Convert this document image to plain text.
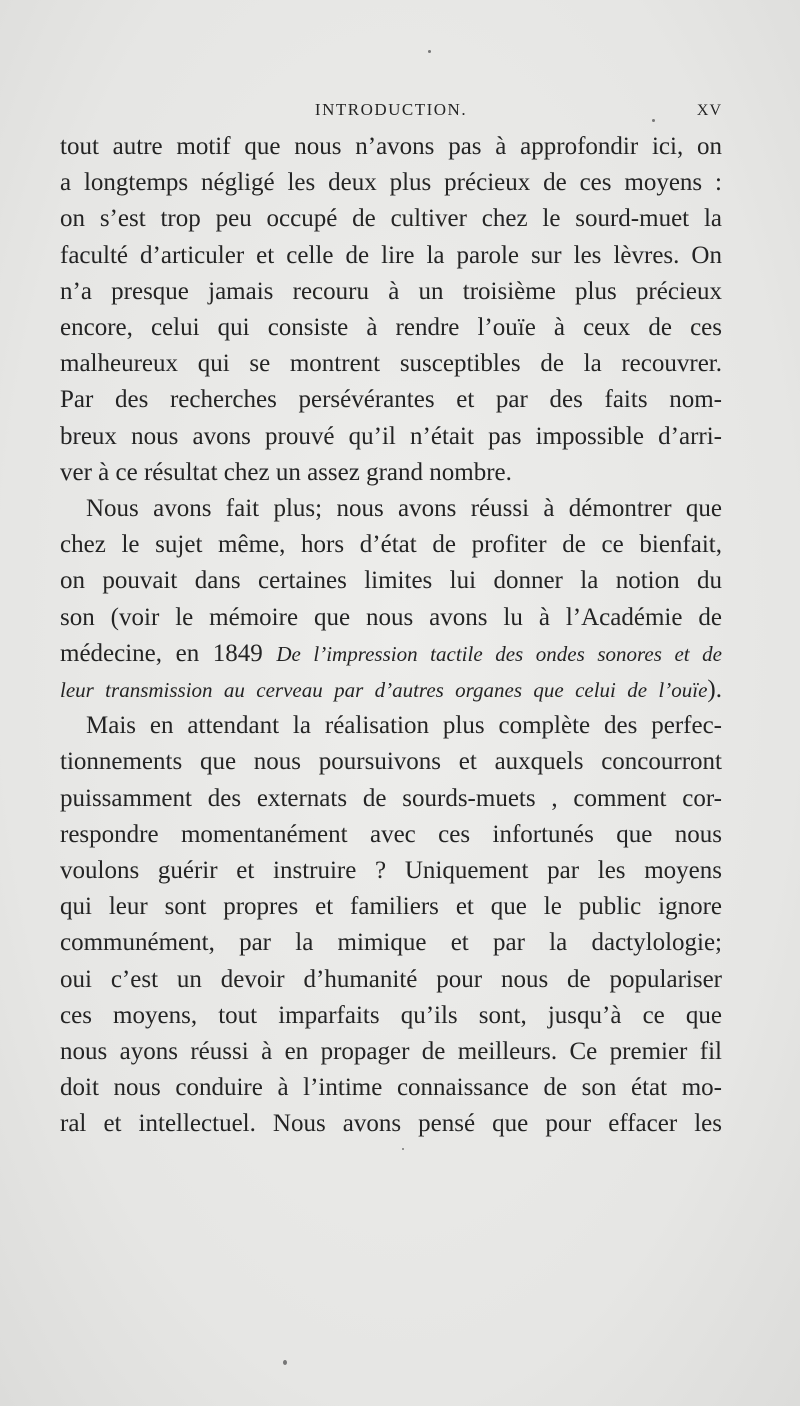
INTRODUCTION.	XV

tout autre motif que nous n’avons pas à approfondir ici, on
a longtemps négligé les deux plus précieux de ces moyens :
on s’est trop peu occupé de cultiver chez le sourd-muet la
faculté d’articuler et celle de lire la parole sur les lèvres. On
n’a presque jamais recouru à un troisième plus précieux
encore, celui qui consiste à rendre l’ouïe à ceux de ces
malheureux qui se montrent susceptibles de la recouvrer.
Par des recherches persévérantes et par des faits nom-
breux nous avons prouvé qu’il n’était pas impossible d’arri-
ver à ce résultat chez un assez grand nombre.

Nous avons fait plus; nous avons réussi à démontrer que
chez le sujet même, hors d’état de profiter de ce bienfait,
on pouvait dans certaines limites lui donner la notion du
son (voir le mémoire que nous avons lu à l’Académie de
médecine, en 1849 De l’impression tactile des ondes sonores et de
leur transmission au cerveau par d’autres organes que celui de l’ouïe).

Mais en attendant la réalisation plus complète des perfec-
tionnements que nous poursuivons et auxquels concourront
puissamment des externats de sourds-muets , comment cor-
respondre momentanément avec ces infortunés que nous
voulons guérir et instruire ? Uniquement par les moyens
qui leur sont propres et familiers et que le public ignore
communément, par la mimique et par la dactylologie;
oui c’est un devoir d’humanité pour nous de populariser
ces moyens, tout imparfaits qu’ils sont, jusqu’à ce que
nous ayons réussi à en propager de meilleurs. Ce premier fil
doit nous conduire à l’intime connaissance de son état mo-
ral et intellectuel. Nous avons pensé que pour effacer les
